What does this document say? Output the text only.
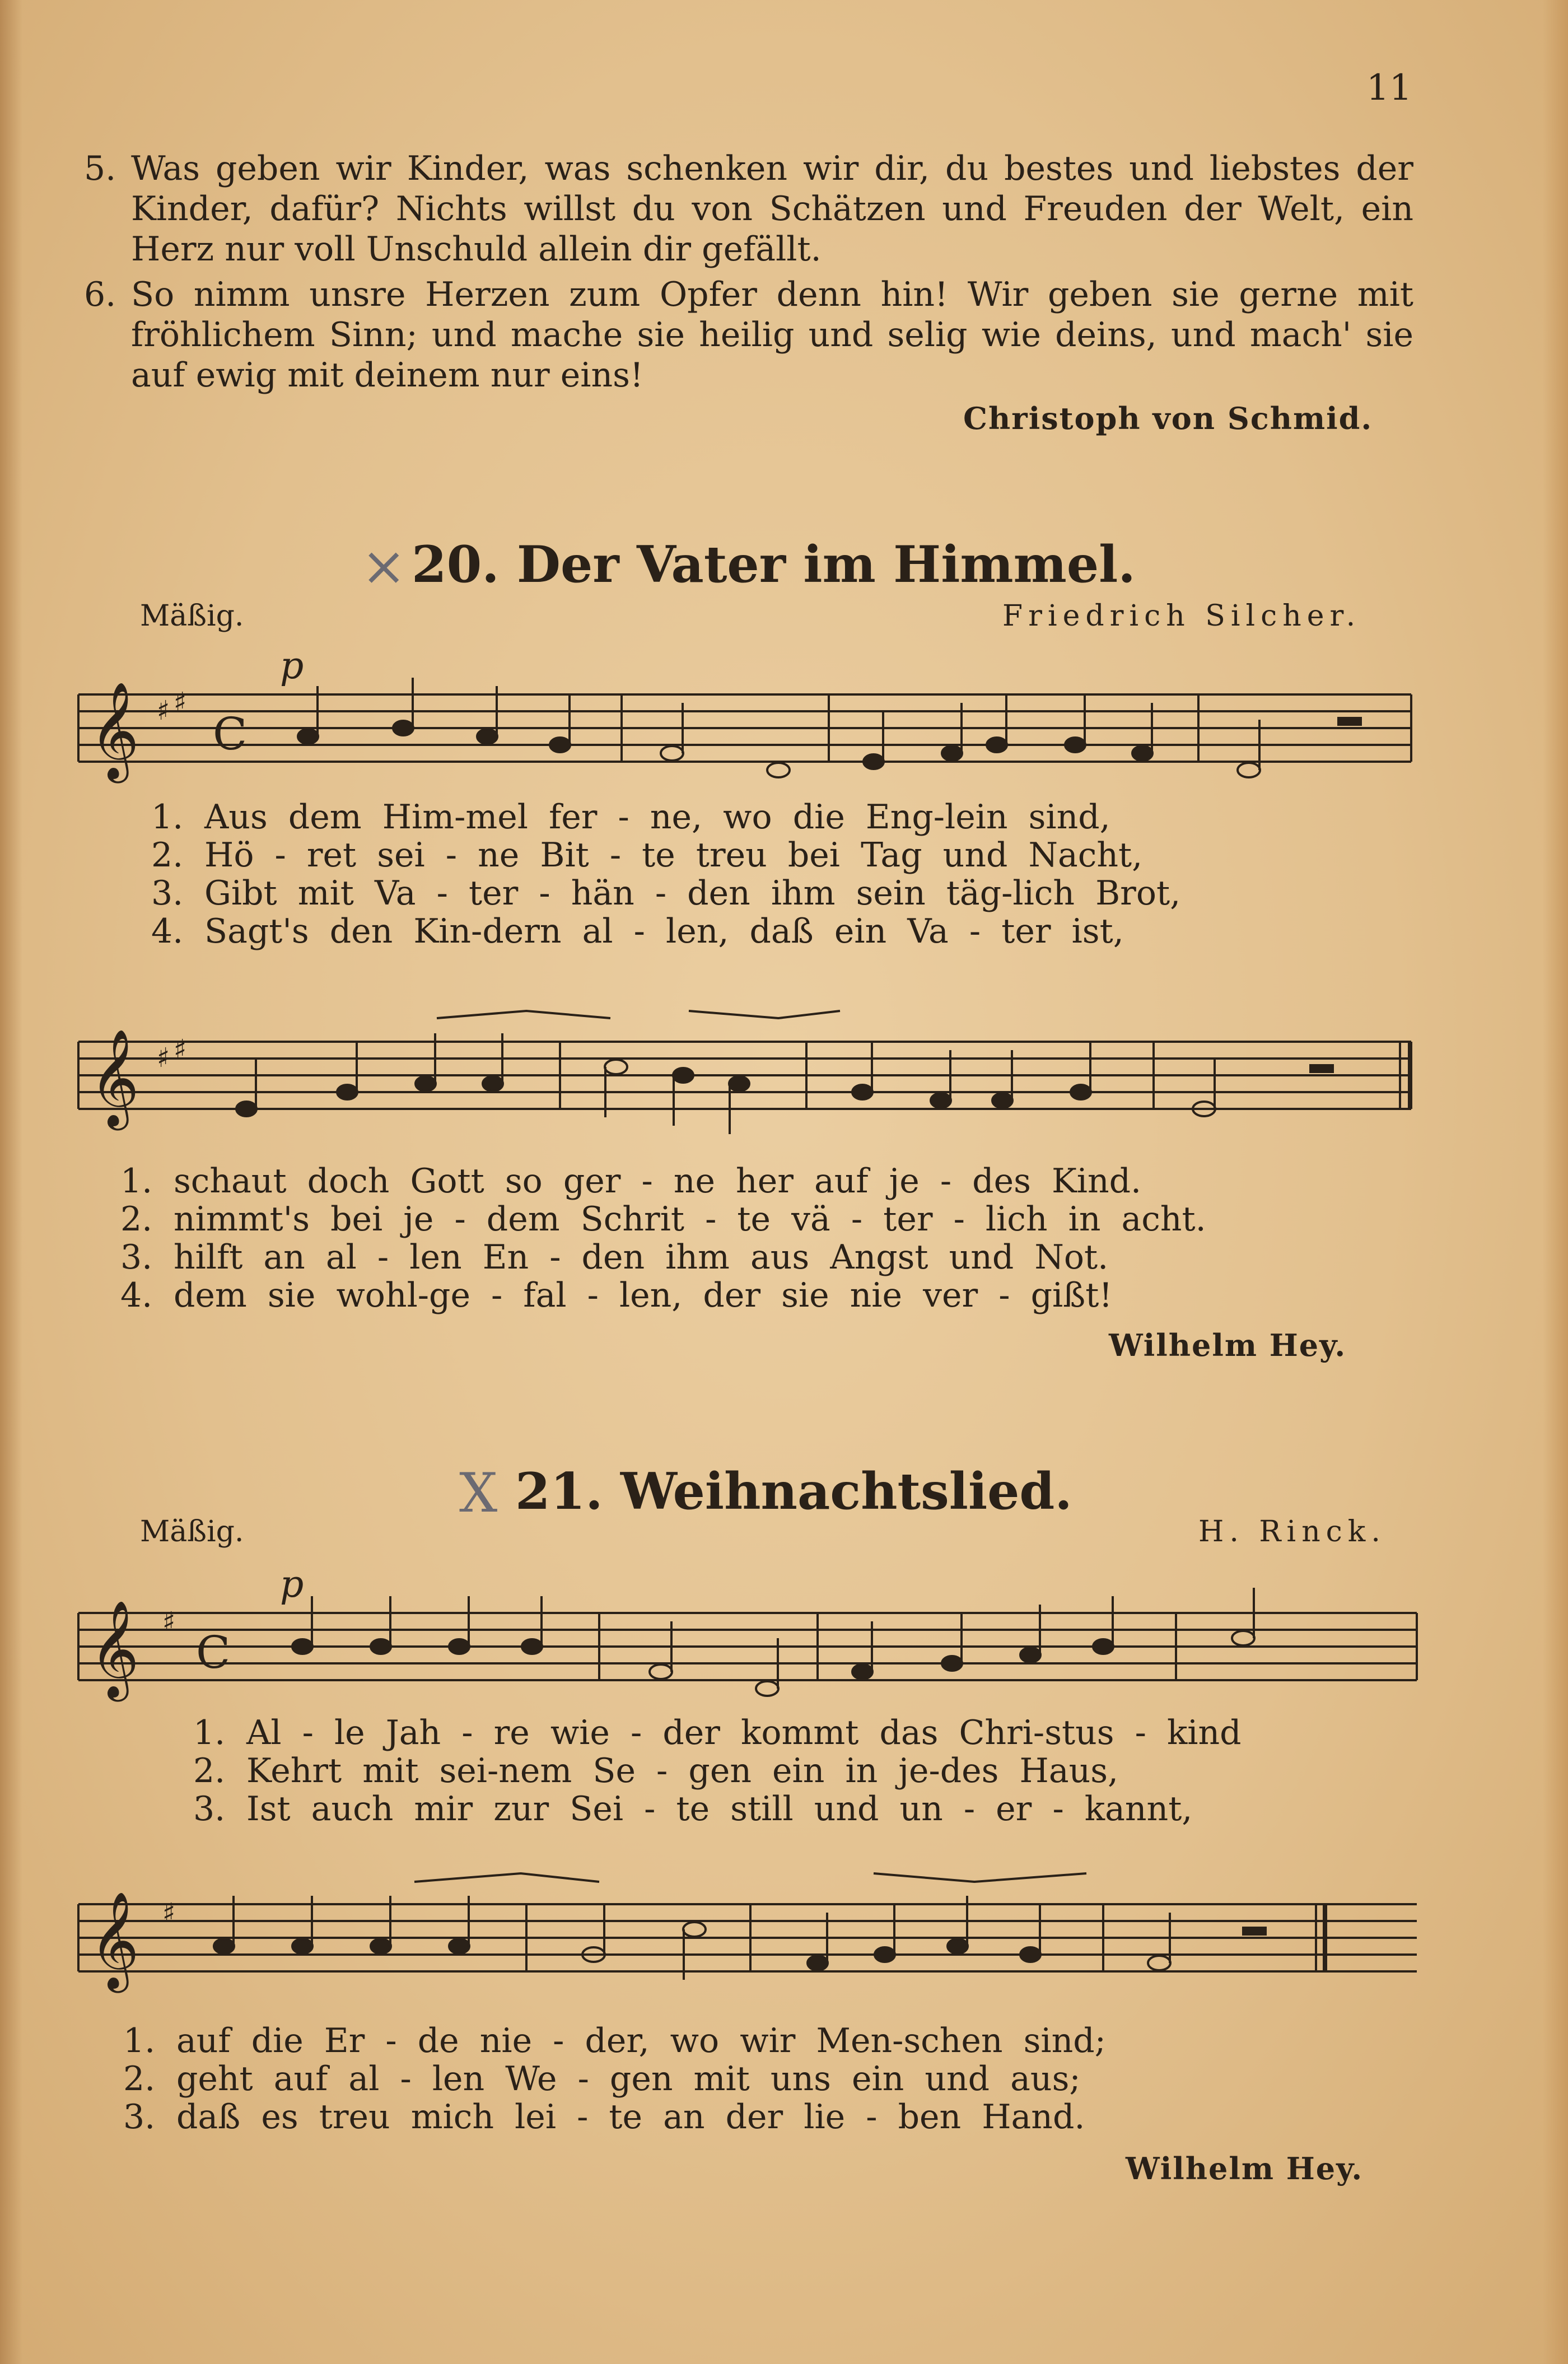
11
5. Was geben wir Kinder, was schenken wir dir, du bestes und liebstes der Kinder, dafür? Nichts willst du von Schätzen und Freuden der Welt, ein Herz nur voll Unschuld allein dir gefällt.
6. So nimm unsre Herzen zum Opfer denn hin! Wir geben sie gerne mit fröhlichem Sinn; und mache sie heilig und selig wie deins, und mach' sie auf ewig mit deinem nur eins!
Christoph von Schmid.
× 20. Der Vater im Himmel.
Mäßig.	Friedrich Silcher.
p
𝄞 ♯ ♯
C
1. Aus dem Him-mel fer - ne, wo die Eng-lein sind,
2. Hö - ret sei - ne Bit - te treu bei Tag und Nacht,
3. Gibt mit Va - ter - hän - den ihm sein täg-lich Brot,
4. Sagt's den Kin-dern al - len, daß ein Va - ter ist,
𝄞 ♯ ♯
1. schaut doch Gott so ger - ne her auf je - des Kind.
2. nimmt's bei je - dem Schrit - te vä - ter - lich in acht.
3. hilft an al - len En - den ihm aus Angst und Not.
4. dem sie wohl-ge - fal - len, der sie nie ver - gißt!
Wilhelm Hey.
X 21. Weihnachtslied.
Mäßig.	H. Rinck.
p
𝄞 ♯
C
1. Al - le Jah - re wie - der kommt das Chri-stus - kind
2. Kehrt mit sei-nem Se - gen ein in je-des Haus,
3. Ist auch mir zur Sei - te still und un - er - kannt,
𝄞 ♯
1. auf die Er - de nie - der, wo wir Men-schen sind;
2. geht auf al - len We - gen mit uns ein und aus;
3. daß es treu mich lei - te an der lie - ben Hand.
Wilhelm Hey.
